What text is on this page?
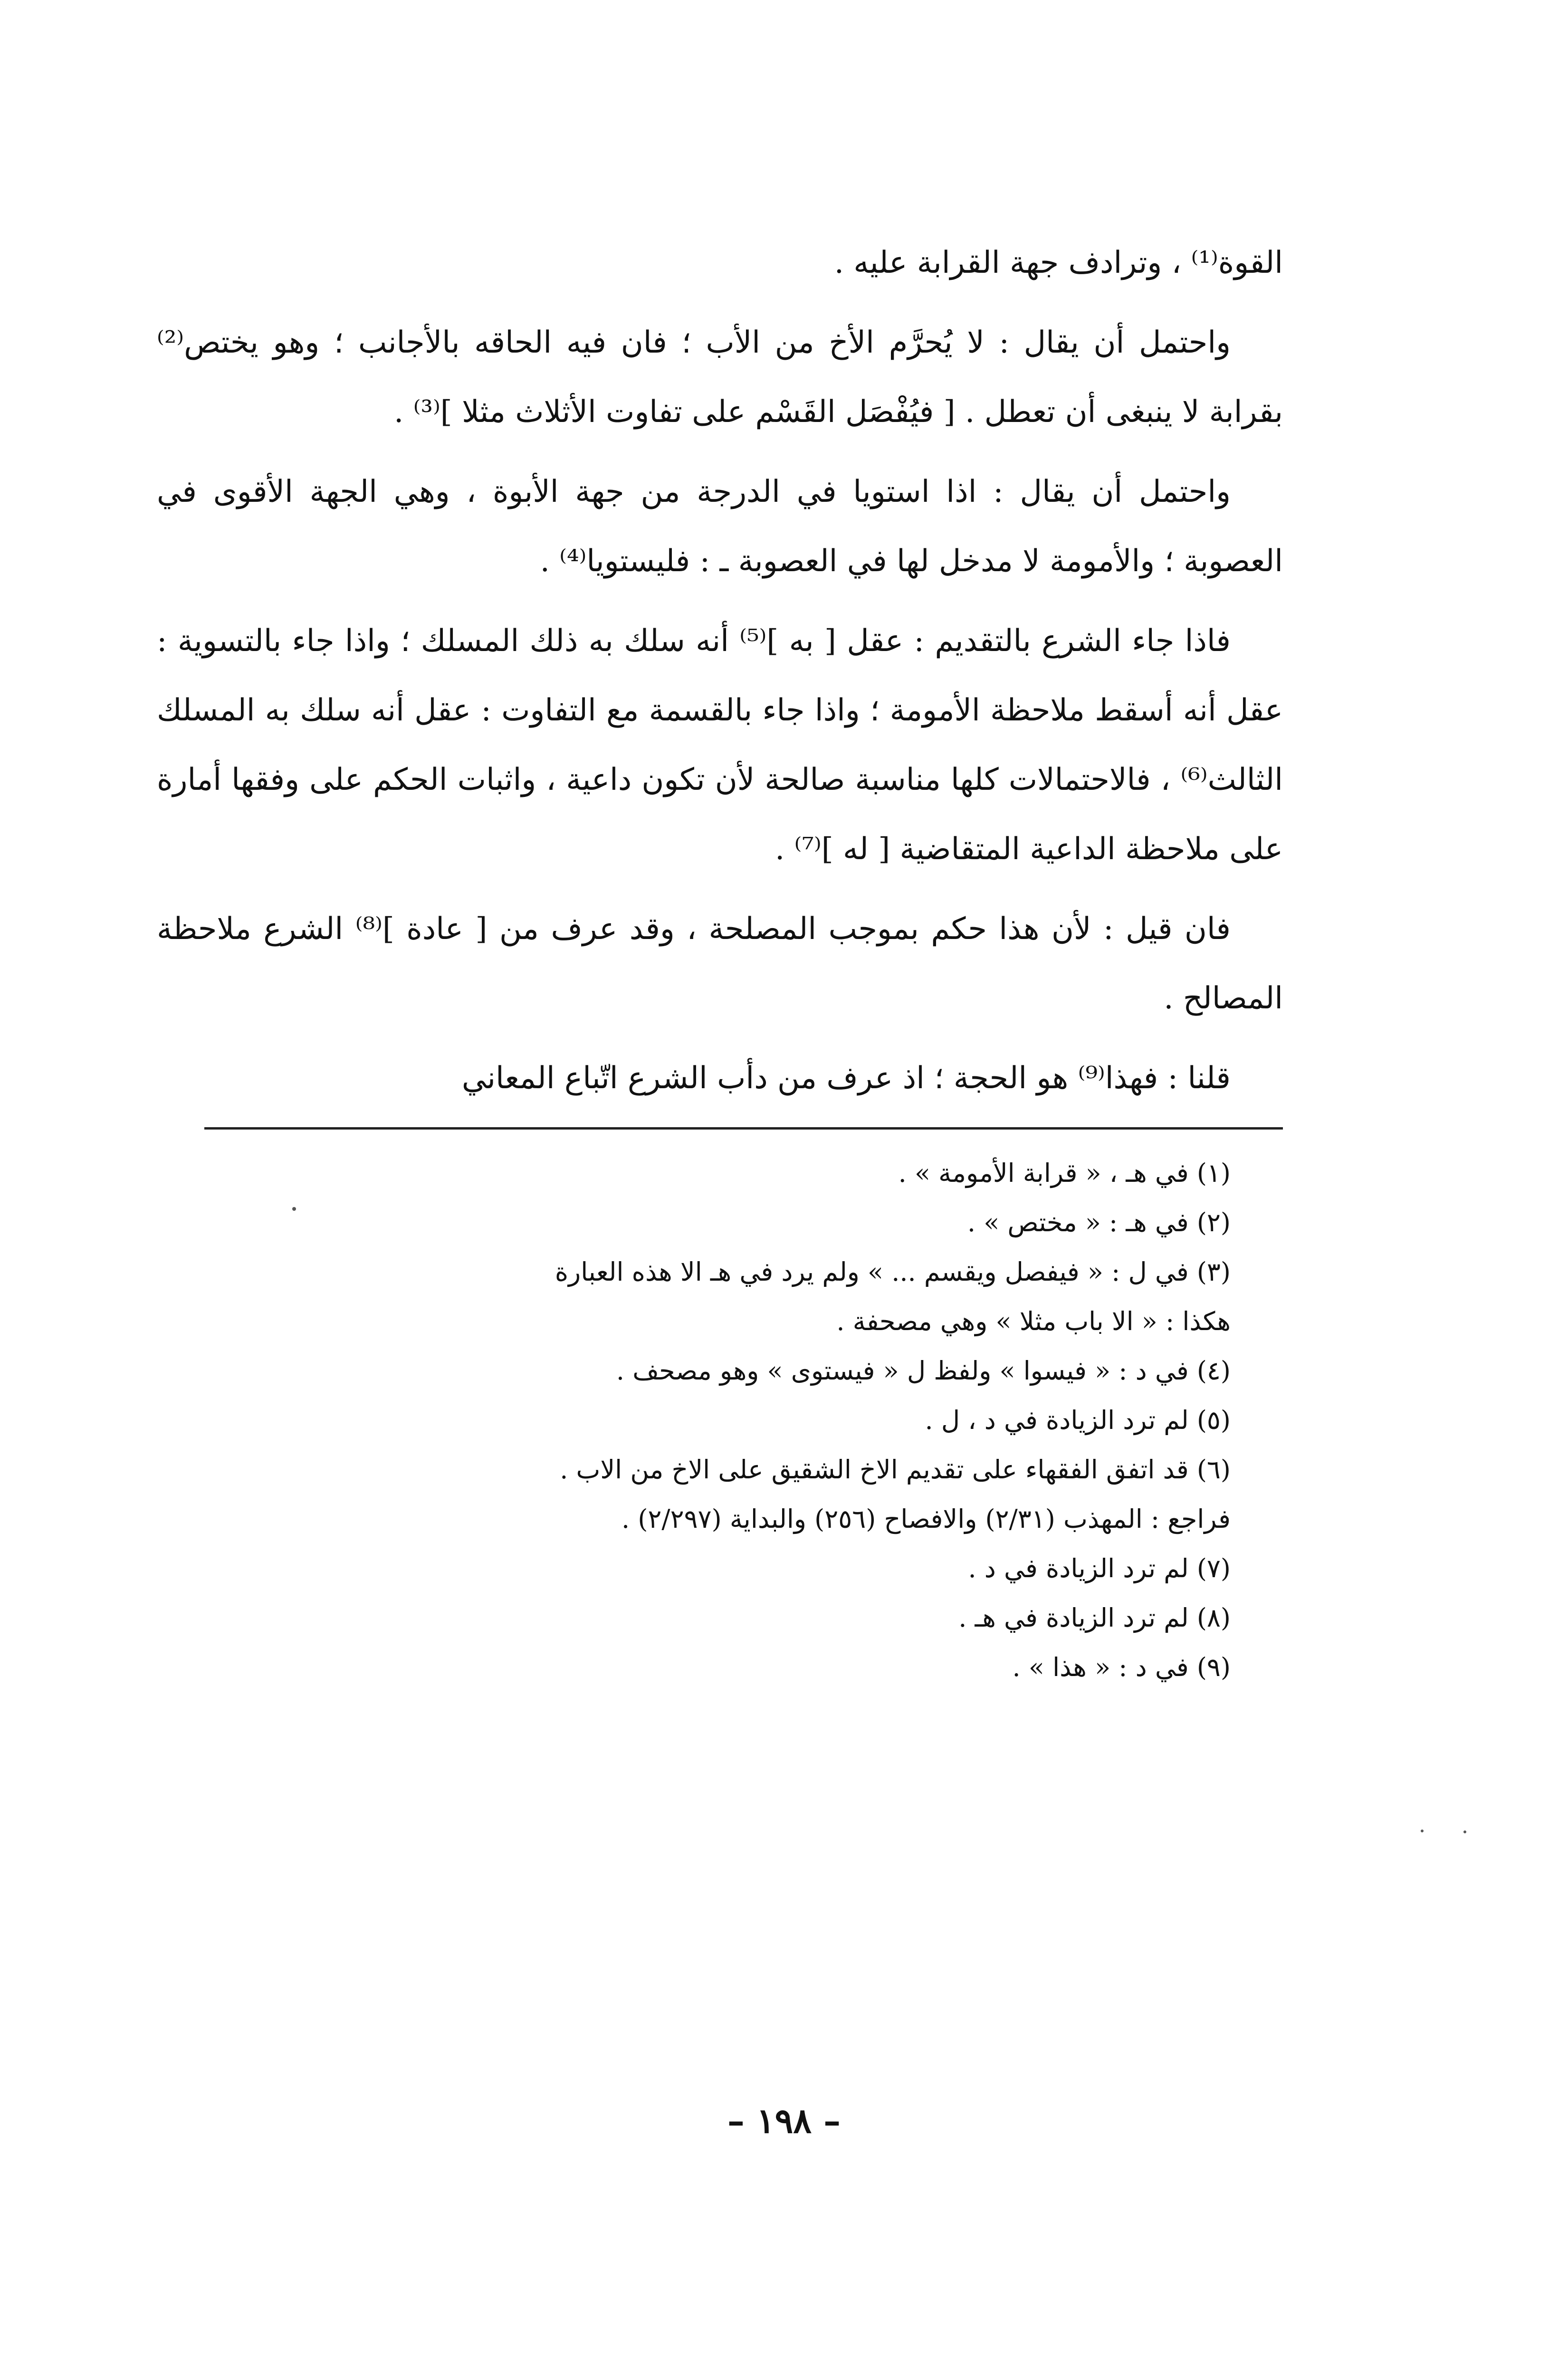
القوة⁽¹⁾ ، وترادف جهة القرابة عليه .

واحتمل أن يقال : لا يُحرَّم الأخ من الأب ؛ فان فيه الحاقه بالأجانب ؛ وهو يختص⁽²⁾ بقرابة لا ينبغى أن تعطل . [ فيُفْصَل القَسْم على تفاوت الأثلاث مثلا ]⁽³⁾ .

واحتمل أن يقال : اذا استويا في الدرجة من جهة الأبوة ، وهي الجهة الأقوى في العصوبة ؛ والأمومة لا مدخل لها في العصوبة ـ : فليستويا⁽⁴⁾ .

فاذا جاء الشرع بالتقديم : عقل [ به ]⁽⁵⁾ أنه سلك به ذلك المسلك ؛ واذا جاء بالتسوية : عقل أنه أسقط ملاحظة الأمومة ؛ واذا جاء بالقسمة مع التفاوت : عقل أنه سلك به المسلك الثالث⁽⁶⁾ ، فالاحتمالات كلها مناسبة صالحة لأن تكون داعية ، واثبات الحكم على وفقها أمارة على ملاحظة الداعية المتقاضية [ له ]⁽⁷⁾ .

فان قيل : لأن هذا حكم بموجب المصلحة ، وقد عرف من [ عادة ]⁽⁸⁾ الشرع ملاحظة المصالح .

قلنا : فهذا⁽⁹⁾ هو الحجة ؛ اذ عرف من دأب الشرع اتّباع المعاني

(١) في هـ ، « قرابة الأمومة » .

(٢) في هـ : « مختص » .

(٣) في ل : « فيفصل ويقسم ... » ولم يرد في هـ الا هذه العبارة

هكذا : « الا باب مثلا » وهي مصحفة .

(٤) في د : « فيسوا » ولفظ ل « فيستوى » وهو مصحف .

(٥) لم ترد الزيادة في د ، ل .

(٦) قد اتفق الفقهاء على تقديم الاخ الشقيق على الاخ من الاب .

فراجع : المهذب (٢/٣١) والافصاح (٢٥٦) والبداية (٢/٢٩٧) .

(٧) لم ترد الزيادة في د .

(٨) لم ترد الزيادة في هـ .

(٩) في د : « هذا » .

– ١٩٨ –
